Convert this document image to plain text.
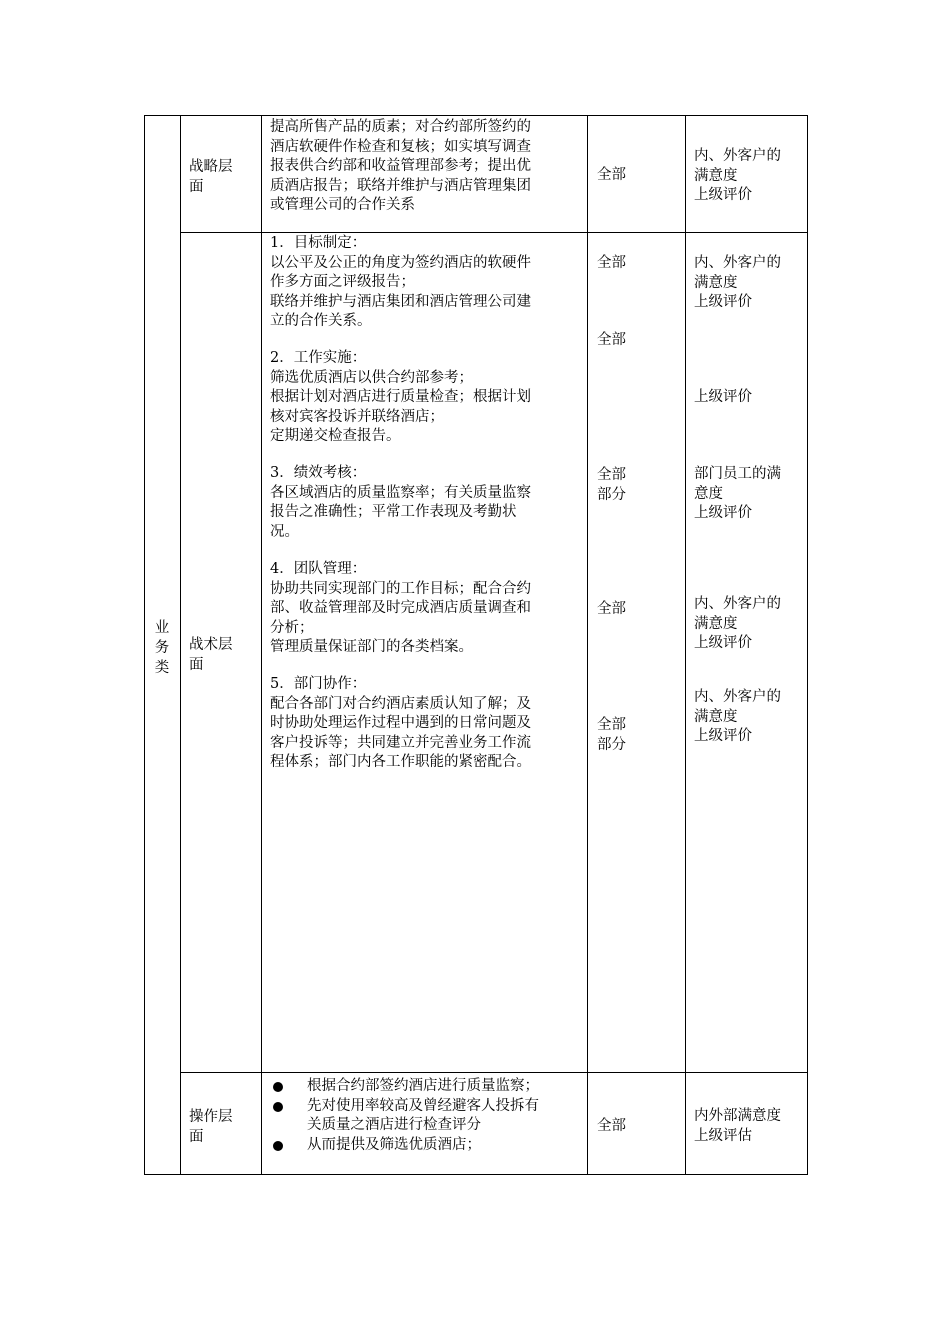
业
务
类
战略层
面
提高所售产品的质素；对合约部所签约的
酒店软硬件作检查和复核；如实填写调查
报表供合约部和收益管理部参考；提出优
质酒店报告；联络并维护与酒店管理集团
或管理公司的合作关系
全部
内、外客户的
满意度
上级评价
战术层
面
1．目标制定：
以公平及公正的角度为签约酒店的软硬件
作多方面之评级报告；
联络并维护与酒店集团和酒店管理公司建
立的合作关系。
2．工作实施：
筛选优质酒店以供合约部参考；
根据计划对酒店进行质量检查；根据计划
核对宾客投诉并联络酒店；
定期递交检查报告。
3．绩效考核：
各区域酒店的质量监察率；有关质量监察
报告之准确性；平常工作表现及考勤状
况。
4．团队管理：
协助共同实现部门的工作目标；配合合约
部、收益管理部及时完成酒店质量调查和
分析；
管理质量保证部门的各类档案。
5．部门协作：
配合各部门对合约酒店素质认知了解；及
时协助处理运作过程中遇到的日常问题及
客户投诉等；共同建立并完善业务工作流
程体系；部门内各工作职能的紧密配合。
全部
全部
全部
部分
全部
全部
部分
内、外客户的
满意度
上级评价
上级评价
部门员工的满
意度
上级评价
内、外客户的
满意度
上级评价
内、外客户的
满意度
上级评价
操作层
面
根据合约部签约酒店进行质量监察；
先对使用率较高及曾经避客人投拆有
关质量之酒店进行检查评分
从而提供及筛选优质酒店；
全部
内外部满意度
上级评估
